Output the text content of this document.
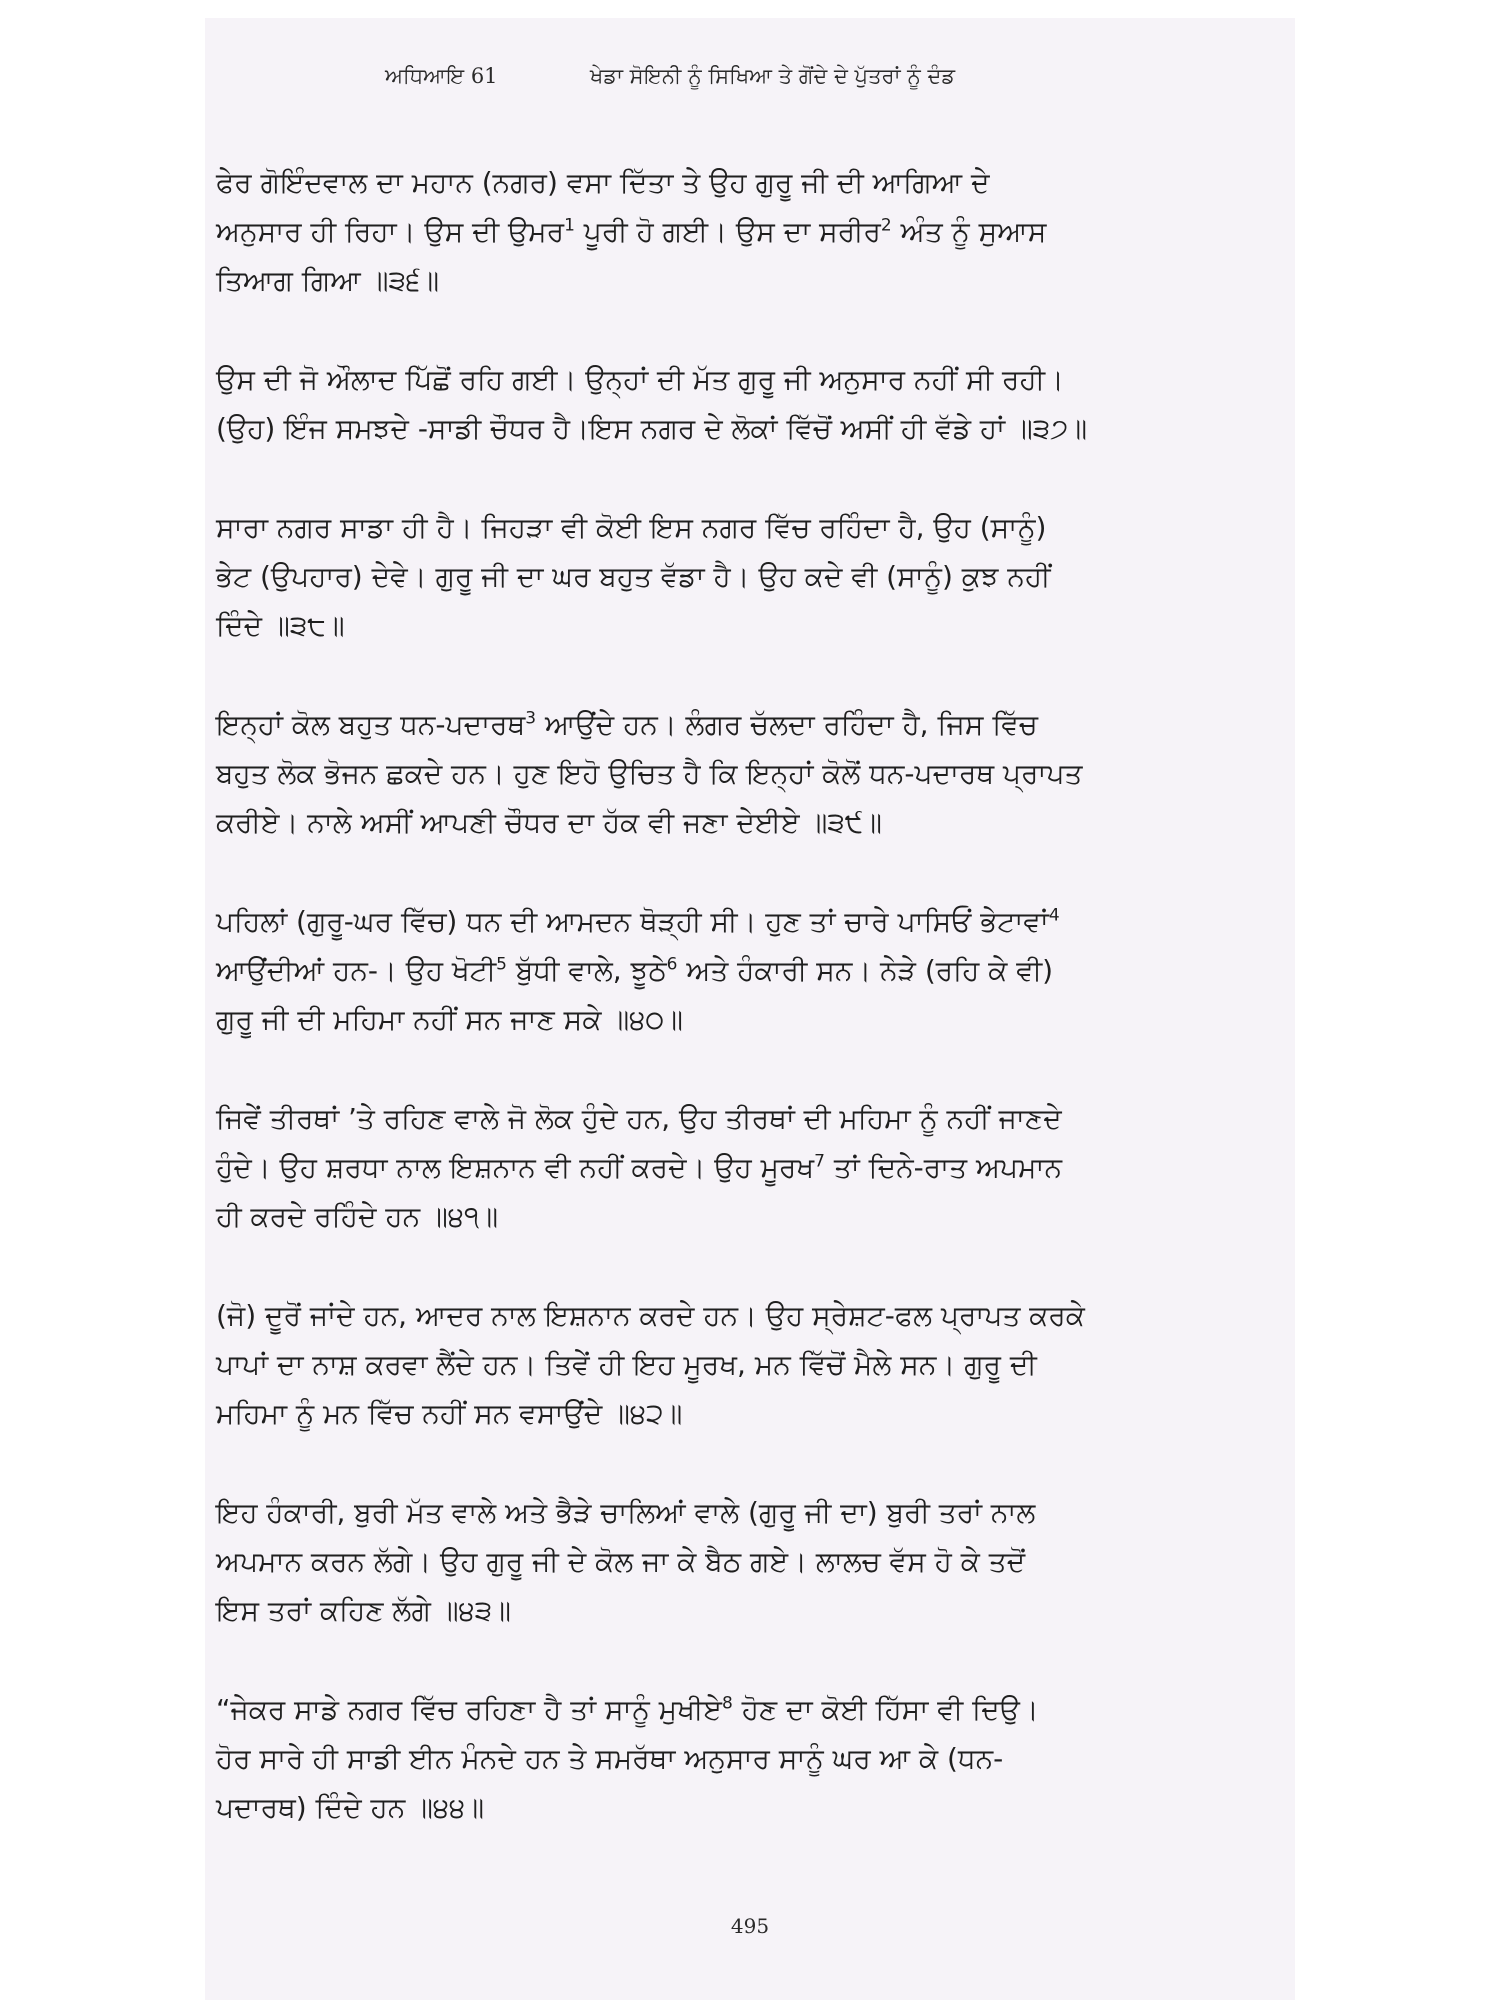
ਅਧਿਆਇ 61	ਖੇਡਾ ਸੋਇਨੀ ਨੂੰ ਸਿਖਿਆ ਤੇ ਗੋਂਦੇ ਦੇ ਪੁੱਤਰਾਂ ਨੂੰ ਦੰਡ
ਫੇਰ ਗੋਇੰਦਵਾਲ ਦਾ ਮਹਾਨ (ਨਗਰ) ਵਸਾ ਦਿੱਤਾ ਤੇ ਉਹ ਗੁਰੂ ਜੀ ਦੀ ਆਗਿਆ ਦੇ
ਅਨੁਸਾਰ ਹੀ ਰਿਹਾ। ਉਸ ਦੀ ਉਮਰ$^1$ ਪੂਰੀ ਹੋ ਗਈ। ਉਸ ਦਾ ਸਰੀਰ$^2$ ਅੰਤ ਨੂੰ ਸੁਆਸ
ਤਿਆਗ ਗਿਆ ॥੩੬॥
ਉਸ ਦੀ ਜੋ ਔਲਾਦ ਪਿੱਛੋਂ ਰਹਿ ਗਈ। ਉਨ੍ਹਾਂ ਦੀ ਮੱਤ ਗੁਰੂ ਜੀ ਅਨੁਸਾਰ ਨਹੀਂ ਸੀ ਰਹੀ।
(ਉਹ) ਇੰਜ ਸਮਝਦੇ -ਸਾਡੀ ਚੌਧਰ ਹੈ।ਇਸ ਨਗਰ ਦੇ ਲੋਕਾਂ ਵਿੱਚੋਂ ਅਸੀਂ ਹੀ ਵੱਡੇ ਹਾਂ ॥੩੭॥
ਸਾਰਾ ਨਗਰ ਸਾਡਾ ਹੀ ਹੈ। ਜਿਹੜਾ ਵੀ ਕੋਈ ਇਸ ਨਗਰ ਵਿੱਚ ਰਹਿੰਦਾ ਹੈ, ਉਹ (ਸਾਨੂੰ)
ਭੇਟ (ਉਪਹਾਰ) ਦੇਵੇ। ਗੁਰੂ ਜੀ ਦਾ ਘਰ ਬਹੁਤ ਵੱਡਾ ਹੈ। ਉਹ ਕਦੇ ਵੀ (ਸਾਨੂੰ) ਕੁਝ ਨਹੀਂ
ਦਿੰਦੇ ॥੩੮॥
ਇਨ੍ਹਾਂ ਕੋਲ ਬਹੁਤ ਧਨ-ਪਦਾਰਥ$^3$ ਆਉਂਦੇ ਹਨ। ਲੰਗਰ ਚੱਲਦਾ ਰਹਿੰਦਾ ਹੈ, ਜਿਸ ਵਿੱਚ
ਬਹੁਤ ਲੋਕ ਭੋਜਨ ਛਕਦੇ ਹਨ। ਹੁਣ ਇਹੋ ਉਚਿਤ ਹੈ ਕਿ ਇਨ੍ਹਾਂ ਕੋਲੋਂ ਧਨ-ਪਦਾਰਥ ਪ੍ਰਾਪਤ
ਕਰੀਏ। ਨਾਲੇ ਅਸੀਂ ਆਪਣੀ ਚੌਧਰ ਦਾ ਹੱਕ ਵੀ ਜਣਾ ਦੇਈਏ ॥੩੯॥
ਪਹਿਲਾਂ (ਗੁਰੂ-ਘਰ ਵਿੱਚ) ਧਨ ਦੀ ਆਮਦਨ ਥੋੜ੍ਹੀ ਸੀ। ਹੁਣ ਤਾਂ ਚਾਰੇ ਪਾਸਿਓਂ ਭੇਟਾਵਾਂ$^4$
ਆਉਂਦੀਆਂ ਹਨ-। ਉਹ ਖੋਟੀ$^5$ ਬੁੱਧੀ ਵਾਲੇ, ਝੂਠੇ$^6$ ਅਤੇ ਹੰਕਾਰੀ ਸਨ। ਨੇੜੇ (ਰਹਿ ਕੇ ਵੀ)
ਗੁਰੂ ਜੀ ਦੀ ਮਹਿਮਾ ਨਹੀਂ ਸਨ ਜਾਣ ਸਕੇ ॥੪੦॥
ਜਿਵੇਂ ਤੀਰਥਾਂ ’ਤੇ ਰਹਿਣ ਵਾਲੇ ਜੋ ਲੋਕ ਹੁੰਦੇ ਹਨ, ਉਹ ਤੀਰਥਾਂ ਦੀ ਮਹਿਮਾ ਨੂੰ ਨਹੀਂ ਜਾਣਦੇ
ਹੁੰਦੇ। ਉਹ ਸ਼ਰਧਾ ਨਾਲ ਇਸ਼ਨਾਨ ਵੀ ਨਹੀਂ ਕਰਦੇ। ਉਹ ਮੂਰਖ$^7$ ਤਾਂ ਦਿਨੇ-ਰਾਤ ਅਪਮਾਨ
ਹੀ ਕਰਦੇ ਰਹਿੰਦੇ ਹਨ ॥੪੧॥
(ਜੋ) ਦੂਰੋਂ ਜਾਂਦੇ ਹਨ, ਆਦਰ ਨਾਲ ਇਸ਼ਨਾਨ ਕਰਦੇ ਹਨ। ਉਹ ਸ੍ਰੇਸ਼ਟ-ਫਲ ਪ੍ਰਾਪਤ ਕਰਕੇ
ਪਾਪਾਂ ਦਾ ਨਾਸ਼ ਕਰਵਾ ਲੈਂਦੇ ਹਨ। ਤਿਵੇਂ ਹੀ ਇਹ ਮੂਰਖ, ਮਨ ਵਿੱਚੋਂ ਮੈਲੇ ਸਨ। ਗੁਰੂ ਦੀ
ਮਹਿਮਾ ਨੂੰ ਮਨ ਵਿੱਚ ਨਹੀਂ ਸਨ ਵਸਾਉਂਦੇ ॥੪੨॥
ਇਹ ਹੰਕਾਰੀ, ਬੁਰੀ ਮੱਤ ਵਾਲੇ ਅਤੇ ਭੈੜੇ ਚਾਲਿਆਂ ਵਾਲੇ (ਗੁਰੂ ਜੀ ਦਾ) ਬੁਰੀ ਤਰਾਂ ਨਾਲ
ਅਪਮਾਨ ਕਰਨ ਲੱਗੇ। ਉਹ ਗੁਰੂ ਜੀ ਦੇ ਕੋਲ ਜਾ ਕੇ ਬੈਠ ਗਏ। ਲਾਲਚ ਵੱਸ ਹੋ ਕੇ ਤਦੋਂ
ਇਸ ਤਰਾਂ ਕਹਿਣ ਲੱਗੇ ॥੪੩॥
“ਜੇਕਰ ਸਾਡੇ ਨਗਰ ਵਿੱਚ ਰਹਿਣਾ ਹੈ ਤਾਂ ਸਾਨੂੰ ਮੁਖੀਏ$^8$ ਹੋਣ ਦਾ ਕੋਈ ਹਿੱਸਾ ਵੀ ਦਿਉ।
ਹੋਰ ਸਾਰੇ ਹੀ ਸਾਡੀ ਈਨ ਮੰਨਦੇ ਹਨ ਤੇ ਸਮਰੱਥਾ ਅਨੁਸਾਰ ਸਾਨੂੰ ਘਰ ਆ ਕੇ (ਧਨ-
ਪਦਾਰਥ) ਦਿੰਦੇ ਹਨ ॥੪੪॥
495
